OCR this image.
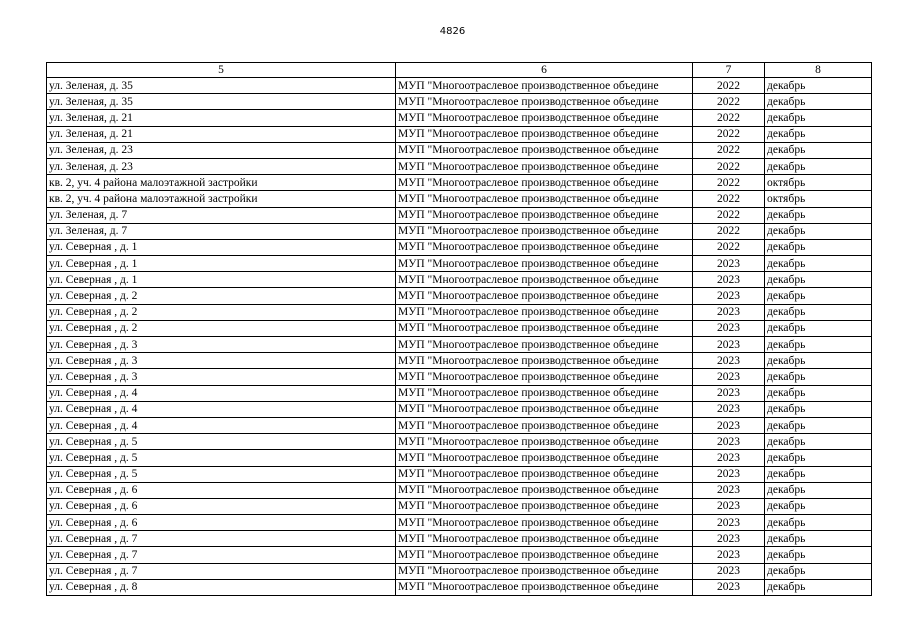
4826
5	6	7	8
ул. Зеленая, д. 35	МУП "Многоотраслевое производственное объедине	2022	декабрь
ул. Зеленая, д. 35	МУП "Многоотраслевое производственное объедине	2022	декабрь
ул. Зеленая, д. 21	МУП "Многоотраслевое производственное объедине	2022	декабрь
ул. Зеленая, д. 21	МУП "Многоотраслевое производственное объедине	2022	декабрь
ул. Зеленая, д. 23	МУП "Многоотраслевое производственное объедине	2022	декабрь
ул. Зеленая, д. 23	МУП "Многоотраслевое производственное объедине	2022	декабрь
кв. 2, уч. 4 района малоэтажной застройки	МУП "Многоотраслевое производственное объедине	2022	октябрь
кв. 2, уч. 4 района малоэтажной застройки	МУП "Многоотраслевое производственное объедине	2022	октябрь
ул. Зеленая, д. 7	МУП "Многоотраслевое производственное объедине	2022	декабрь
ул. Зеленая, д. 7	МУП "Многоотраслевое производственное объедине	2022	декабрь
ул. Северная , д. 1	МУП "Многоотраслевое производственное объедине	2022	декабрь
ул. Северная , д. 1	МУП "Многоотраслевое производственное объедине	2023	декабрь
ул. Северная , д. 1	МУП "Многоотраслевое производственное объедине	2023	декабрь
ул. Северная , д. 2	МУП "Многоотраслевое производственное объедине	2023	декабрь
ул. Северная , д. 2	МУП "Многоотраслевое производственное объедине	2023	декабрь
ул. Северная , д. 2	МУП "Многоотраслевое производственное объедине	2023	декабрь
ул. Северная , д. 3	МУП "Многоотраслевое производственное объедине	2023	декабрь
ул. Северная , д. 3	МУП "Многоотраслевое производственное объедине	2023	декабрь
ул. Северная , д. 3	МУП "Многоотраслевое производственное объедине	2023	декабрь
ул. Северная , д. 4	МУП "Многоотраслевое производственное объедине	2023	декабрь
ул. Северная , д. 4	МУП "Многоотраслевое производственное объедине	2023	декабрь
ул. Северная , д. 4	МУП "Многоотраслевое производственное объедине	2023	декабрь
ул. Северная , д. 5	МУП "Многоотраслевое производственное объедине	2023	декабрь
ул. Северная , д. 5	МУП "Многоотраслевое производственное объедине	2023	декабрь
ул. Северная , д. 5	МУП "Многоотраслевое производственное объедине	2023	декабрь
ул. Северная , д. 6	МУП "Многоотраслевое производственное объедине	2023	декабрь
ул. Северная , д. 6	МУП "Многоотраслевое производственное объедине	2023	декабрь
ул. Северная , д. 6	МУП "Многоотраслевое производственное объедине	2023	декабрь
ул. Северная , д. 7	МУП "Многоотраслевое производственное объедине	2023	декабрь
ул. Северная , д. 7	МУП "Многоотраслевое производственное объедине	2023	декабрь
ул. Северная , д. 7	МУП "Многоотраслевое производственное объедине	2023	декабрь
ул. Северная , д. 8	МУП "Многоотраслевое производственное объедине	2023	декабрь
